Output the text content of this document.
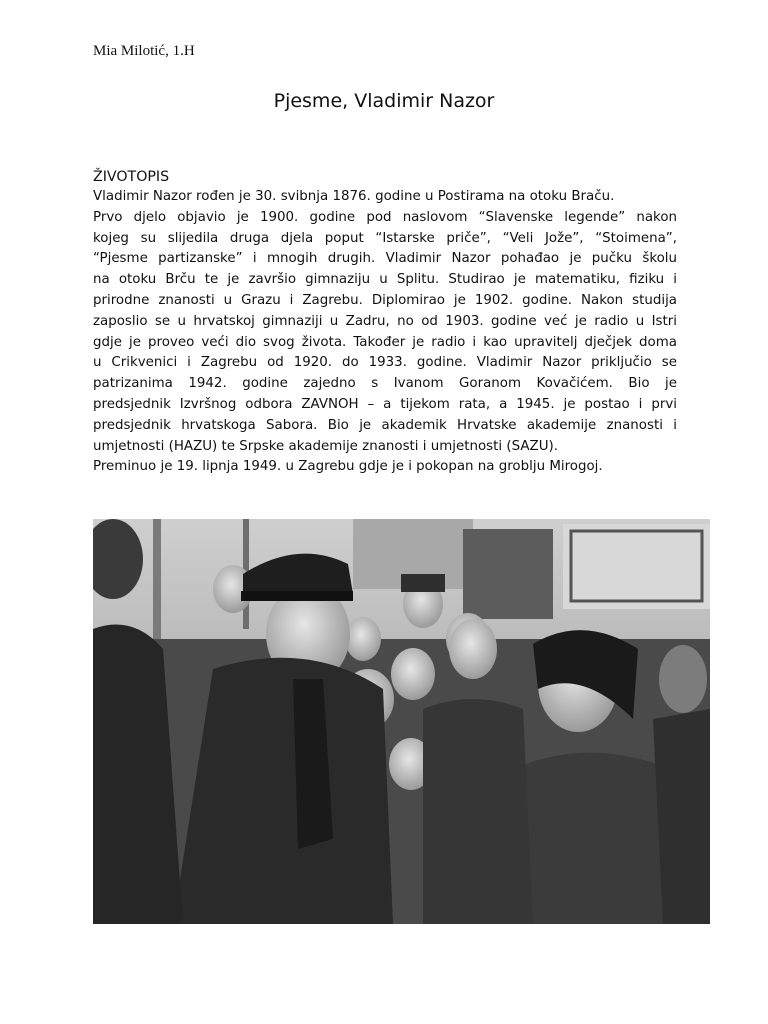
Mia Milotić, 1.H
Pjesme, Vladimir Nazor
ŽIVOTOPIS
Vladimir Nazor rođen je 30. svibnja 1876. godine u Postirama na otoku Braču.
Prvo djelo objavio je 1900. godine pod naslovom “Slavenske legende” nakon
kojeg su slijedila druga djela poput “Istarske priče”, “Veli Jože”, “Stoimena”,
“Pjesme partizanske” i mnogih drugih. Vladimir Nazor pohađao je pučku školu
na otoku Brču te je završio gimnaziju u Splitu. Studirao je matematiku, fiziku i
prirodne znanosti u Grazu i Zagrebu. Diplomirao je 1902. godine. Nakon studija
zaposlio se u hrvatskoj gimnaziji u Zadru, no od 1903. godine već je radio u Istri
gdje je proveo veći dio svog života. Također je radio i kao upravitelj dječjek doma
u Crikvenici i Zagrebu od 1920. do 1933. godine. Vladimir Nazor priključio se
patrizanima 1942. godine zajedno s Ivanom Goranom Kovačićem. Bio je
predsjednik Izvršnog odbora ZAVNOH – a tijekom rata, a 1945. je postao i prvi
predsjednik hrvatskoga Sabora. Bio je akademik Hrvatske akademije znanosti i
umjetnosti (HAZU) te Srpske akademije znanosti i umjetnosti (SAZU).
Preminuo je 19. lipnja 1949. u Zagrebu gdje je i pokopan na groblju Mirogoj.
